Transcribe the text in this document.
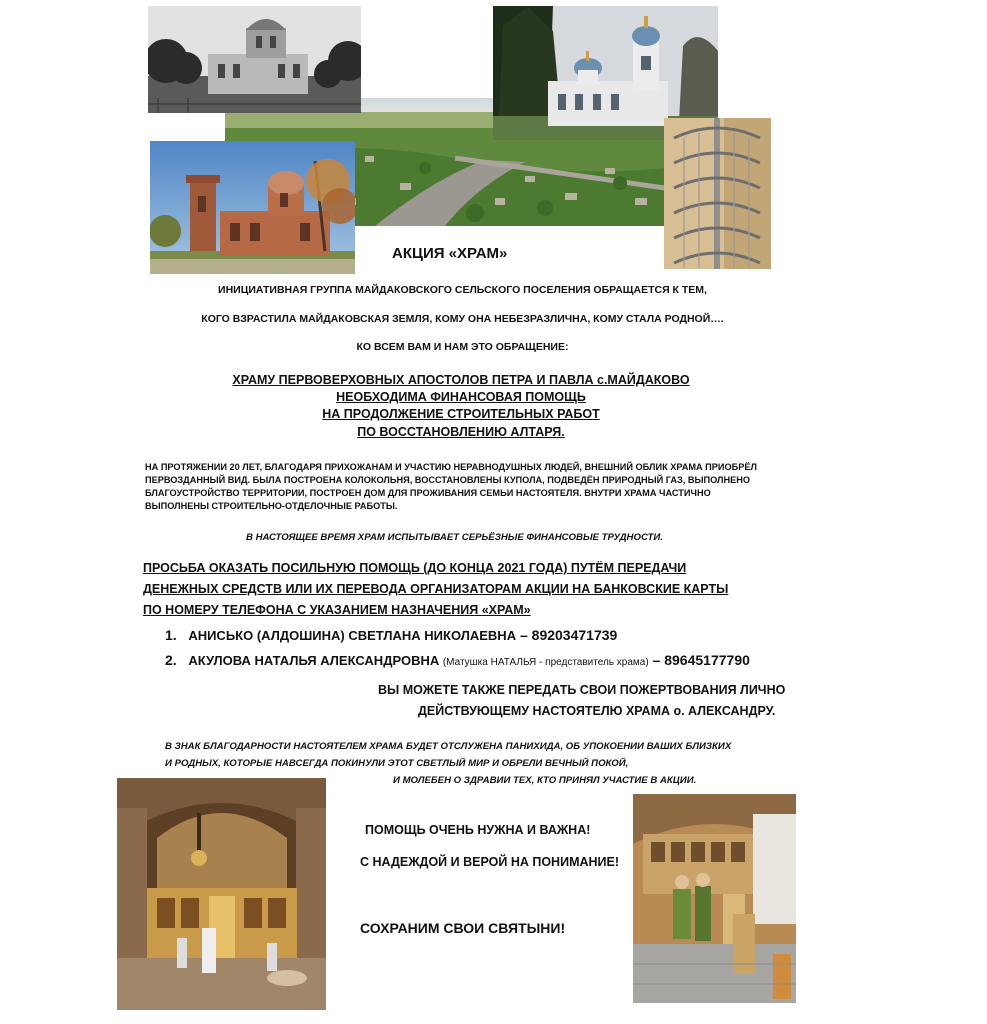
АКЦИЯ «ХРАМ»
ИНИЦИАТИВНАЯ ГРУППА МАЙДАКОВСКОГО СЕЛЬСКОГО ПОСЕЛЕНИЯ ОБРАЩАЕТСЯ К ТЕМ,
КОГО ВЗРАСТИЛА МАЙДАКОВСКАЯ ЗЕМЛЯ, КОМУ ОНА НЕБЕЗРАЗЛИЧНА, КОМУ СТАЛА РОДНОЙ….
КО ВСЕМ ВАМ И НАМ ЭТО ОБРАЩЕНИЕ:
ХРАМУ ПЕРВОВЕРХОВНЫХ АПОСТОЛОВ ПЕТРА И ПАВЛА с.МАЙДАКОВО
НЕОБХОДИМА ФИНАНСОВАЯ ПОМОЩЬ
НА ПРОДОЛЖЕНИЕ СТРОИТЕЛЬНЫХ РАБОТ
ПО ВОССТАНОВЛЕНИЮ АЛТАРЯ.
НА ПРОТЯЖЕНИИ 20 ЛЕТ, БЛАГОДАРЯ ПРИХОЖАНАМ И УЧАСТИЮ НЕРАВНОДУШНЫХ ЛЮДЕЙ, ВНЕШНИЙ ОБЛИК ХРАМА ПРИОБРЁЛ
ПЕРВОЗДАННЫЙ ВИД. БЫЛА ПОСТРОЕНА КОЛОКОЛЬНЯ, ВОССТАНОВЛЕНЫ КУПОЛА, ПОДВЕДЁН ПРИРОДНЫЙ ГАЗ, ВЫПОЛНЕНО
БЛАГОУСТРОЙСТВО ТЕРРИТОРИИ, ПОСТРОЕН ДОМ ДЛЯ ПРОЖИВАНИЯ СЕМЬИ НАСТОЯТЕЛЯ. ВНУТРИ ХРАМА ЧАСТИЧНО
ВЫПОЛНЕНЫ СТРОИТЕЛЬНО-ОТДЕЛОЧНЫЕ РАБОТЫ.
В НАСТОЯЩЕЕ ВРЕМЯ ХРАМ ИСПЫТЫВАЕТ СЕРЬЁЗНЫЕ ФИНАНСОВЫЕ ТРУДНОСТИ.
ПРОСЬБА ОКАЗАТЬ ПОСИЛЬНУЮ ПОМОЩЬ (ДО КОНЦА 2021 ГОДА) ПУТЁМ ПЕРЕДАЧИ
ДЕНЕЖНЫХ СРЕДСТВ ИЛИ ИХ ПЕРЕВОДА ОРГАНИЗАТОРАМ АКЦИИ НА БАНКОВСКИЕ КАРТЫ
ПО НОМЕРУ ТЕЛЕФОНА С УКАЗАНИЕМ НАЗНАЧЕНИЯ «ХРАМ»
1. АНИСЬКО (АЛДОШИНА) СВЕТЛАНА НИКОЛАЕВНА – 89203471739
2. АКУЛОВА НАТАЛЬЯ АЛЕКСАНДРОВНА (Матушка НАТАЛЬЯ - представитель храма) – 89645177790
ВЫ МОЖЕТЕ ТАКЖЕ ПЕРЕДАТЬ СВОИ ПОЖЕРТВОВАНИЯ ЛИЧНО
ДЕЙСТВУЮЩЕМУ НАСТОЯТЕЛЮ ХРАМА о. АЛЕКСАНДРУ.
В ЗНАК БЛАГОДАРНОСТИ НАСТОЯТЕЛЕМ ХРАМА БУДЕТ ОТСЛУЖЕНА ПАНИХИДА, ОБ УПОКОЕНИИ ВАШИХ БЛИЗКИХ
И РОДНЫХ, КОТОРЫЕ НАВСЕГДА ПОКИНУЛИ ЭТОТ СВЕТЛЫЙ МИР И ОБРЕЛИ ВЕЧНЫЙ ПОКОЙ,
И МОЛЕБЕН О ЗДРАВИИ ТЕХ, КТО ПРИНЯЛ УЧАСТИЕ В АКЦИИ.
ПОМОЩЬ ОЧЕНЬ НУЖНА И ВАЖНА!
С НАДЕЖДОЙ И ВЕРОЙ НА ПОНИМАНИЕ!
СОХРАНИМ СВОИ СВЯТЫНИ!
